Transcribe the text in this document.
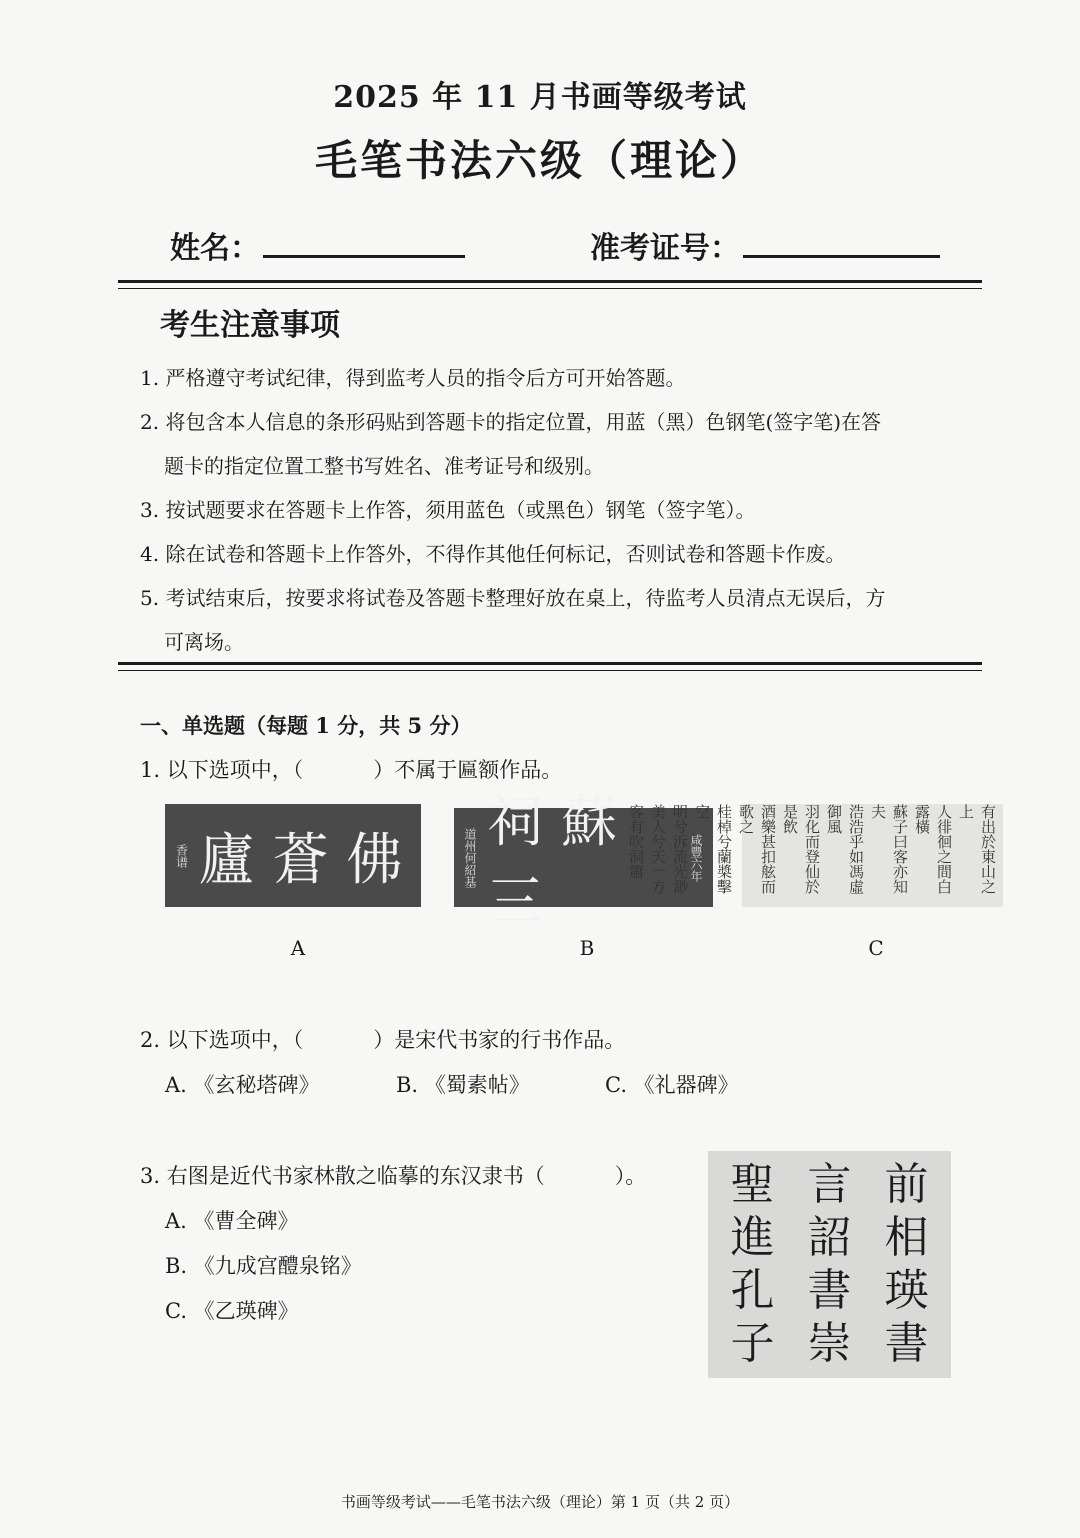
2025 年 11 月书画等级考试
毛笔书法六级（理论）
姓名：	准考证号：
考生注意事项

1. 严格遵守考试纪律，得到监考人员的指令后方可开始答题。

2. 将包含本人信息的条形码贴到答题卡的指定位置，用蓝（黑）色钢笔(签字笔)在答

题卡的指定位置工整书写姓名、准考证号和级别。

3. 按试题要求在答题卡上作答，须用蓝色（或黑色）钢笔（签字笔）。

4. 除在试卷和答题卡上作答外，不得作其他任何标记，否则试卷和答题卡作废。

5. 考试结束后，按要求将试卷及答题卡整理好放在桌上，待监考人员清点无误后，方

可离场。

一、单选题（每题 1 分，共 5 分）
1. 以下选项中，（	）不属于匾额作品。
香谱 廬蒼佛	道州何紹基
祠蘇三
咸豐六年	有出於東山之上
人徘徊之間白露橫
蘇子曰客亦知夫
浩浩乎如馮虛御風
羽化而登仙於是飲
酒樂甚扣舷而歌之
桂棹兮蘭槳擊空
明兮泝流光渺
美人兮天一方
客有吹洞簫
A	B	C
2. 以下选项中，（	）是宋代书家的行书作品。
A. 《玄秘塔碑》	B. 《蜀素帖》	C. 《礼器碑》
3. 右图是近代书家林散之临摹的东汉隶书（	）。
A. 《曹全碑》
B. 《九成宫醴泉铭》
C. 《乙瑛碑》
前
相
瑛
書
言
詔
書
崇
聖
進
孔
子
书画等级考试——毛笔书法六级（理论）第 1 页（共 2 页）
